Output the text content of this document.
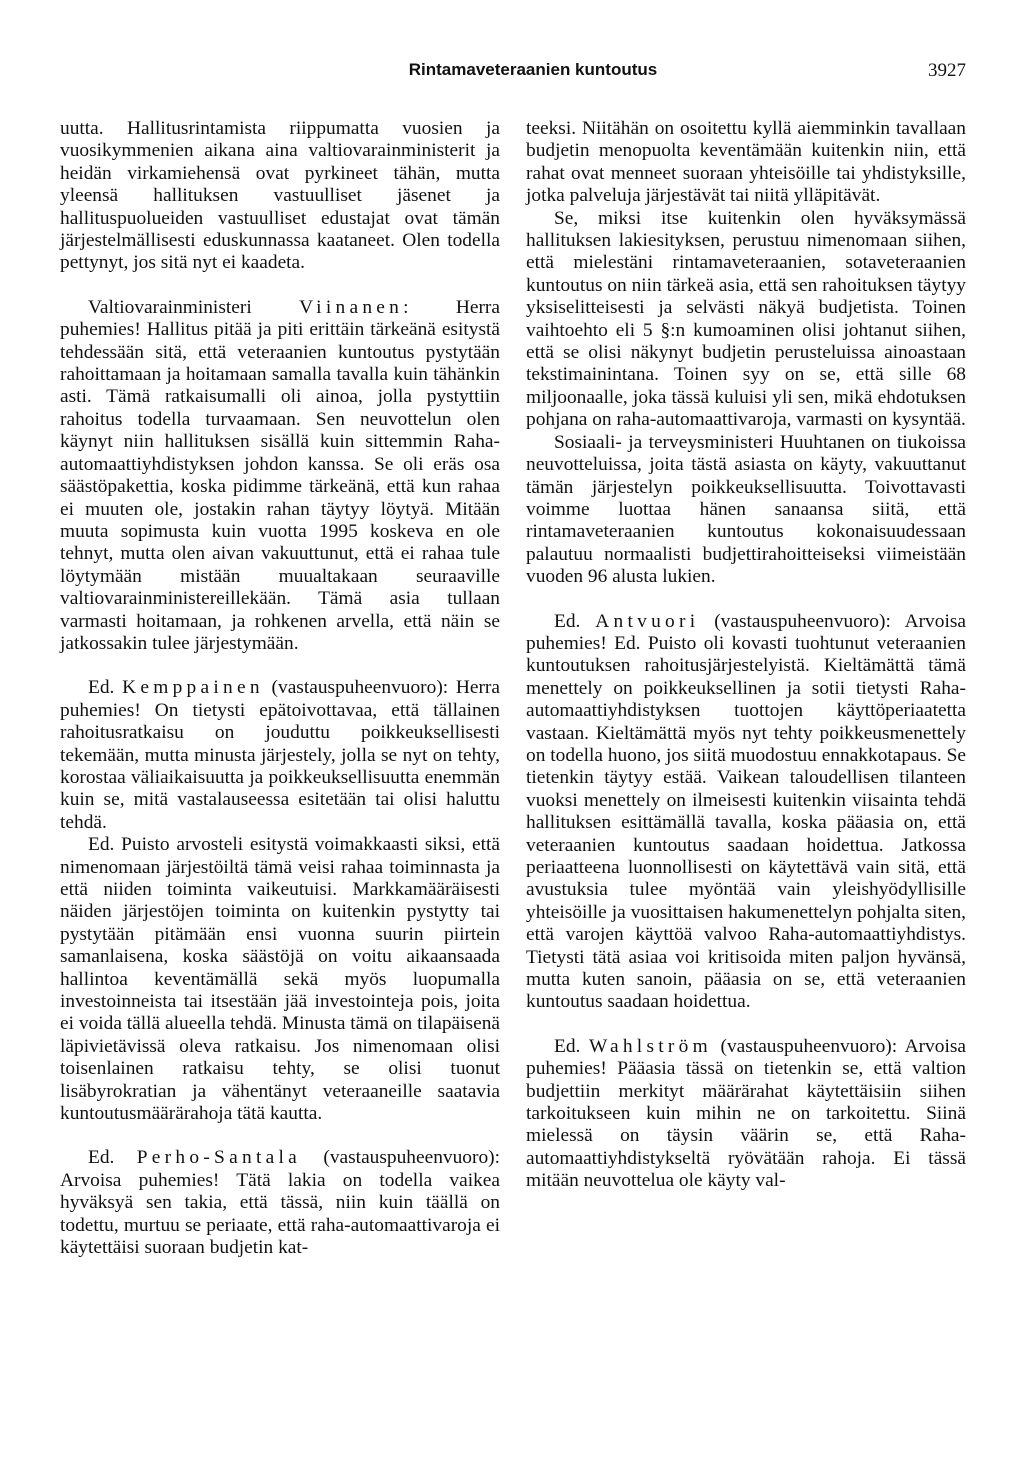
Rintamaveteraanien kuntoutus	3927

uutta. Hallitusrintamista riippumatta vuosien ja vuosikymmenien aikana aina valtiovarainministerit ja heidän virkamiehensä ovat pyrkineet tähän, mutta yleensä hallituksen vastuulliset jäsenet ja hallituspuolueiden vastuulliset edustajat ovat tämän järjestelmällisesti eduskunnassa kaataneet. Olen todella pettynyt, jos sitä nyt ei kaadeta.

Valtiovarainministeri Viinanen: Herra puhemies! Hallitus pitää ja piti erittäin tärkeänä esitystä tehdessään sitä, että veteraanien kuntoutus pystytään rahoittamaan ja hoitamaan samalla tavalla kuin tähänkin asti. Tämä ratkaisumalli oli ainoa, jolla pystyttiin rahoitus todella turvaamaan. Sen neuvottelun olen käynyt niin hallituksen sisällä kuin sittemmin Raha-automaattiyhdistyksen johdon kanssa. Se oli eräs osa säästöpakettia, koska pidimme tärkeänä, että kun rahaa ei muuten ole, jostakin rahan täytyy löytyä. Mitään muuta sopimusta kuin vuotta 1995 koskeva en ole tehnyt, mutta olen aivan vakuuttunut, että ei rahaa tule löytymään mistään muualtakaan seuraaville valtiovarainministereillekään. Tämä asia tullaan varmasti hoitamaan, ja rohkenen arvella, että näin se jatkossakin tulee järjestymään.

Ed. Kemppainen (vastauspuheenvuoro): Herra puhemies! On tietysti epätoivottavaa, että tällainen rahoitusratkaisu on jouduttu poikkeuksellisesti tekemään, mutta minusta järjestely, jolla se nyt on tehty, korostaa väliaikaisuutta ja poikkeuksellisuutta enemmän kuin se, mitä vastalauseessa esitetään tai olisi haluttu tehdä.

Ed. Puisto arvosteli esitystä voimakkaasti siksi, että nimenomaan järjestöiltä tämä veisi rahaa toiminnasta ja että niiden toiminta vaikeutuisi. Markkamääräisesti näiden järjestöjen toiminta on kuitenkin pystytty tai pystytään pitämään ensi vuonna suurin piirtein samanlaisena, koska säästöjä on voitu aikaansaada hallintoa keventämällä sekä myös luopumalla investoinneista tai itsestään jää investointeja pois, joita ei voida tällä alueella tehdä. Minusta tämä on tilapäisenä läpivietävissä oleva ratkaisu. Jos nimenomaan olisi toisenlainen ratkaisu tehty, se olisi tuonut lisäbyrokratian ja vähentänyt veteraaneille saatavia kuntoutusmäärärahoja tätä kautta.

Ed. Perho-Santala (vastauspuheenvuoro): Arvoisa puhemies! Tätä lakia on todella vaikea hyväksyä sen takia, että tässä, niin kuin täällä on todettu, murtuu se periaate, että raha-automaattivaroja ei käytettäisi suoraan budjetin kat-

teeksi. Niitähän on osoitettu kyllä aiemminkin tavallaan budjetin menopuolta keventämään kuitenkin niin, että rahat ovat menneet suoraan yhteisöille tai yhdistyksille, jotka palveluja järjestävät tai niitä ylläpitävät.

Se, miksi itse kuitenkin olen hyväksymässä hallituksen lakiesityksen, perustuu nimenomaan siihen, että mielestäni rintamaveteraanien, sotaveteraanien kuntoutus on niin tärkeä asia, että sen rahoituksen täytyy yksiselitteisesti ja selvästi näkyä budjetista. Toinen vaihtoehto eli 5 §:n kumoaminen olisi johtanut siihen, että se olisi näkynyt budjetin perusteluissa ainoastaan tekstimainintana. Toinen syy on se, että sille 68 miljoonaalle, joka tässä kuluisi yli sen, mikä ehdotuksen pohjana on raha-automaattivaroja, varmasti on kysyntää.

Sosiaali- ja terveysministeri Huuhtanen on tiukoissa neuvotteluissa, joita tästä asiasta on käyty, vakuuttanut tämän järjestelyn poikkeuksellisuutta. Toivottavasti voimme luottaa hänen sanaansa siitä, että rintamaveteraanien kuntoutus kokonaisuudessaan palautuu normaalisti budjettirahoitteiseksi viimeistään vuoden 96 alusta lukien.

Ed. Antvuori (vastauspuheenvuoro): Arvoisa puhemies! Ed. Puisto oli kovasti tuohtunut veteraanien kuntoutuksen rahoitusjärjestelyistä. Kieltämättä tämä menettely on poikkeuksellinen ja sotii tietysti Raha-automaattiyhdistyksen tuottojen käyttöperiaatetta vastaan. Kieltämättä myös nyt tehty poikkeusmenettely on todella huono, jos siitä muodostuu ennakkotapaus. Se tietenkin täytyy estää. Vaikean taloudellisen tilanteen vuoksi menettely on ilmeisesti kuitenkin viisainta tehdä hallituksen esittämällä tavalla, koska pääasia on, että veteraanien kuntoutus saadaan hoidettua. Jatkossa periaatteena luonnollisesti on käytettävä vain sitä, että avustuksia tulee myöntää vain yleishyödyllisille yhteisöille ja vuosittaisen hakumenettelyn pohjalta siten, että varojen käyttöä valvoo Raha-automaattiyhdistys. Tietysti tätä asiaa voi kritisoida miten paljon hyvänsä, mutta kuten sanoin, pääasia on se, että veteraanien kuntoutus saadaan hoidettua.

Ed. Wahlström (vastauspuheenvuoro): Arvoisa puhemies! Pääasia tässä on tietenkin se, että valtion budjettiin merkityt määrärahat käytettäisiin siihen tarkoitukseen kuin mihin ne on tarkoitettu. Siinä mielessä on täysin väärin se, että Raha-automaattiyhdistykseltä ryövätään rahoja. Ei tässä mitään neuvottelua ole käyty val-
